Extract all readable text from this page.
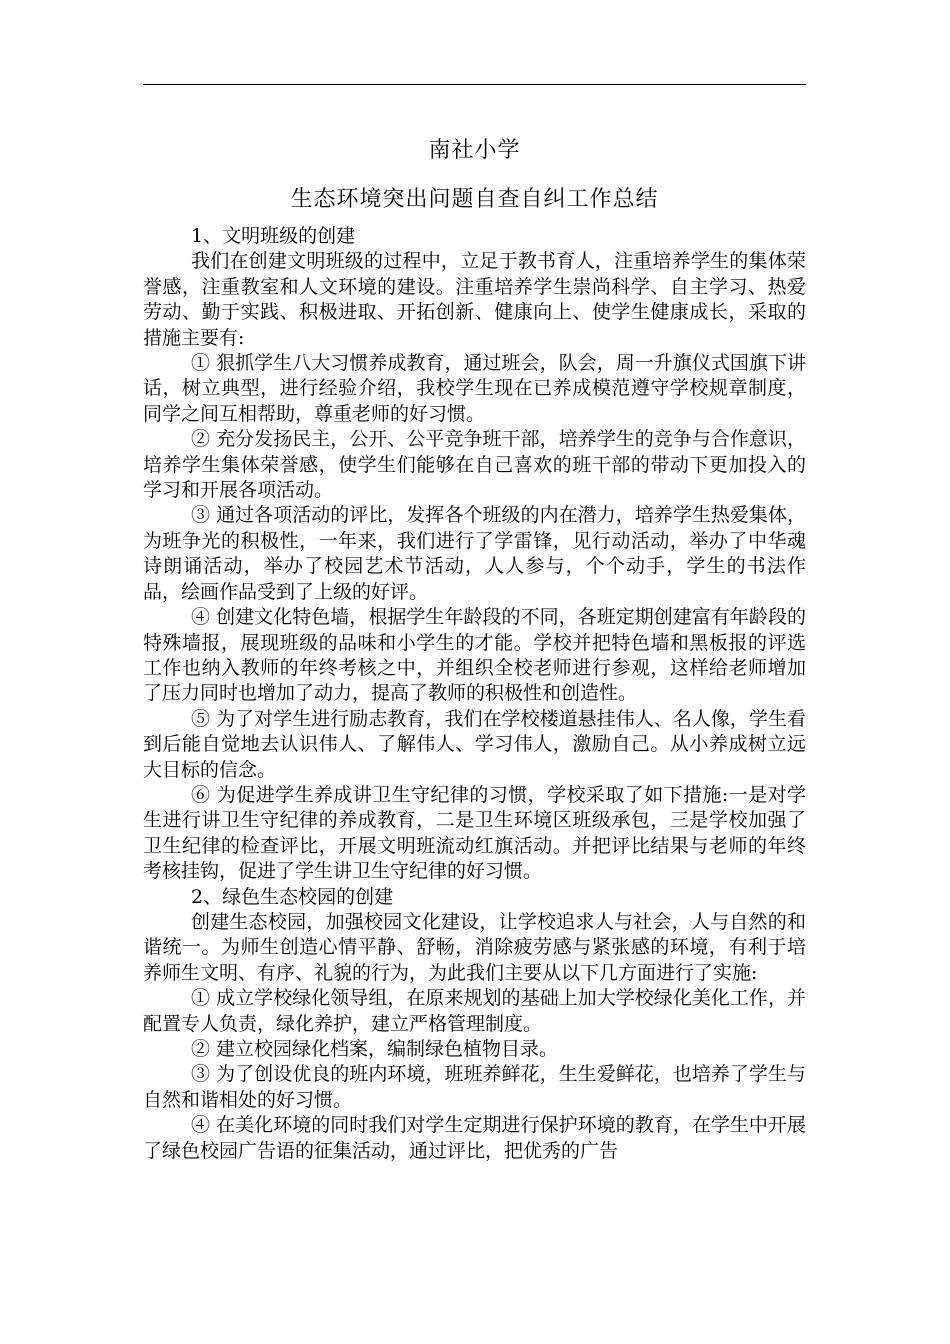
南社小学
生态环境突出问题自查自纠工作总结

1、文明班级的创建

我们在创建文明班级的过程中，立足于教书育人，注重培养学生的集体荣誉感，注重教室和人文环境的建设。注重培养学生崇尚科学、自主学习、热爱劳动、勤于实践、积极进取、开拓创新、健康向上、使学生健康成长，采取的措施主要有:

① 狠抓学生八大习惯养成教育，通过班会，队会，周一升旗仪式国旗下讲话，树立典型，进行经验介绍，我校学生现在已养成模范遵守学校规章制度，同学之间互相帮助，尊重老师的好习惯。

② 充分发扬民主，公开、公平竞争班干部，培养学生的竞争与合作意识，培养学生集体荣誉感，使学生们能够在自己喜欢的班干部的带动下更加投入的学习和开展各项活动。

③ 通过各项活动的评比，发挥各个班级的内在潜力，培养学生热爱集体，为班争光的积极性，一年来，我们进行了学雷锋，见行动活动，举办了中华魂诗朗诵活动，举办了校园艺术节活动，人人参与，个个动手，学生的书法作品，绘画作品受到了上级的好评。

④ 创建文化特色墙，根据学生年龄段的不同，各班定期创建富有年龄段的特殊墙报，展现班级的品味和小学生的才能。学校并把特色墙和黑板报的评选工作也纳入教师的年终考核之中，并组织全校老师进行参观，这样给老师增加了压力同时也增加了动力，提高了教师的积极性和创造性。

⑤ 为了对学生进行励志教育，我们在学校楼道悬挂伟人、名人像，学生看到后能自觉地去认识伟人、了解伟人、学习伟人，激励自己。从小养成树立远大目标的信念。

⑥ 为促进学生养成讲卫生守纪律的习惯，学校采取了如下措施:一是对学生进行讲卫生守纪律的养成教育，二是卫生环境区班级承包，三是学校加强了卫生纪律的检查评比，开展文明班流动红旗活动。并把评比结果与老师的年终考核挂钩，促进了学生讲卫生守纪律的好习惯。

2、绿色生态校园的创建

创建生态校园，加强校园文化建设，让学校追求人与社会，人与自然的和谐统一。为师生创造心情平静、舒畅，消除疲劳感与紧张感的环境，有利于培养师生文明、有序、礼貌的行为，为此我们主要从以下几方面进行了实施:

① 成立学校绿化领导组，在原来规划的基础上加大学校绿化美化工作，并配置专人负责，绿化养护，建立严格管理制度。

② 建立校园绿化档案，编制绿色植物目录。

③ 为了创设优良的班内环境，班班养鲜花，生生爱鲜花，也培养了学生与自然和谐相处的好习惯。

④ 在美化环境的同时我们对学生定期进行保护环境的教育，在学生中开展了绿色校园广告语的征集活动，通过评比，把优秀的广告
